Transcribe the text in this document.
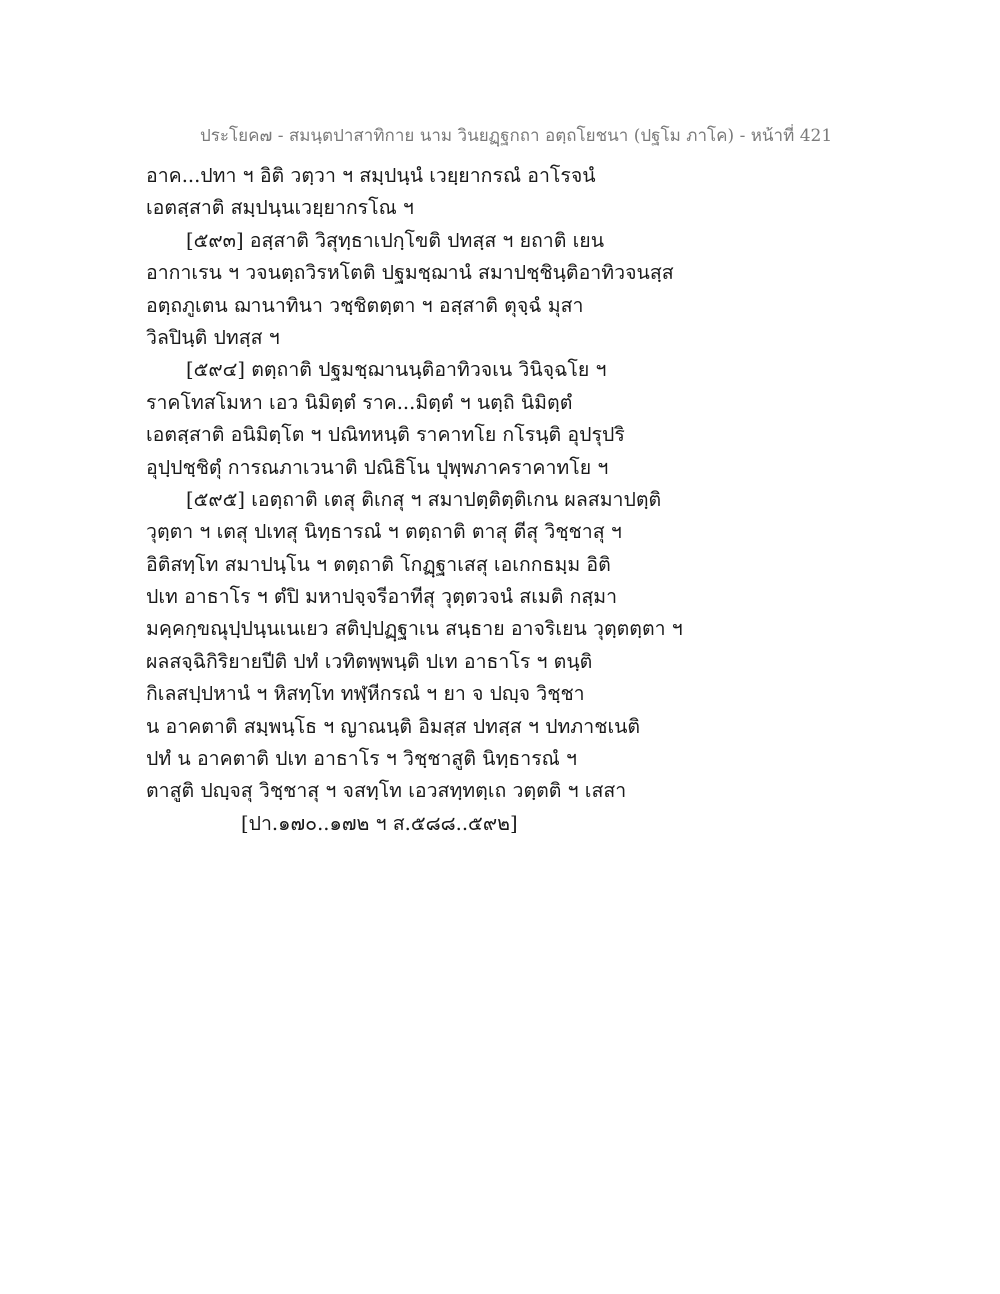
ประโยค๗ - สมนฺตปาสาทิกาย นาม วินยฏฺฐกถา อตฺถโยชนา (ปฐโม ภาโค) - หน้าที่ 421
อาค...ปทา ฯ อิติ วตฺวา ฯ สมฺปนฺนํ เวยฺยากรณํ อาโรจนํ
เอตสฺสาติ สมฺปนฺนเวยฺยากรโณ ฯ
[๕๙๓] อสฺสาติ วิสุทฺธาเปกฺโขติ ปทสฺส ฯ ยถาติ เยน
อากาเรน ฯ วจนตฺถวิรหโตติ ปฐมชฺฌานํ สมาปชฺชินฺติอาทิวจนสฺส
อตฺถภูเตน ฌานาทินา วชฺชิตตฺตา ฯ อสฺสาติ ตุจฺฉํ มุสา
วิลปินฺติ ปทสฺส ฯ
[๕๙๔] ตตฺถาติ ปฐมชฺฌานนฺติอาทิวจเน วินิจฺฉโย ฯ
ราคโทสโมหา เอว นิมิตฺตํ ราค...มิตฺตํ ฯ นตฺถิ นิมิตฺตํ
เอตสฺสาติ อนิมิตฺโต ฯ ปณิทหนฺติ ราคาทโย กโรนฺติ อุปรุปริ
อุปฺปชฺชิตุํ การณภาเวนาติ ปณิธิโน ปุพฺพภาคราคาทโย ฯ
[๕๙๕] เอตฺถาติ เตสุ ติเกสุ ฯ สมาปตฺติตฺติเกน ผลสมาปตฺติ
วุตฺตา ฯ เตสุ ปเทสุ นิทฺธารณํ ฯ ตตฺถาติ ตาสุ ตีสุ วิชฺชาสุ ฯ
อิติสทฺโท สมาปนฺโน ฯ ตตฺถาติ โกฏฺฐาเสสุ เอเกกธมฺม อิติ
ปเท อาธาโร ฯ ตํปิ มหาปจฺจรีอาทีสุ วุตฺตวจนํ สเมติ กสฺมา
มคฺคกฺขณุปฺปนฺนเนเยว สติปฺปฏฺฐาเน สนฺธาย อาจริเยน วุตฺตตฺตา ฯ
ผลสจฺฉิกิริยายปีติ ปทํ เวทิตพฺพนฺติ ปเท อาธาโร ฯ ตนฺติ
กิเลสปฺปหานํ ฯ หิสทฺโท ทฬฺหีกรณํ ฯ ยา จ ปญฺจ วิชฺชา
น อาคตาติ สมฺพนฺโธ ฯ ญาณนฺติ อิมสฺส ปทสฺส ฯ ปทภาชเนติ
ปทํ น อาคตาติ ปเท อาธาโร ฯ วิชฺชาสูติ นิทฺธารณํ ฯ
ตาสูติ ปญฺจสุ วิชฺชาสุ ฯ จสทฺโท เอวสทฺทตฺเถ วตฺตติ ฯ เสสา
[ปา.๑๗๐..๑๗๒ ฯ ส.๕๘๘..๕๙๒]
